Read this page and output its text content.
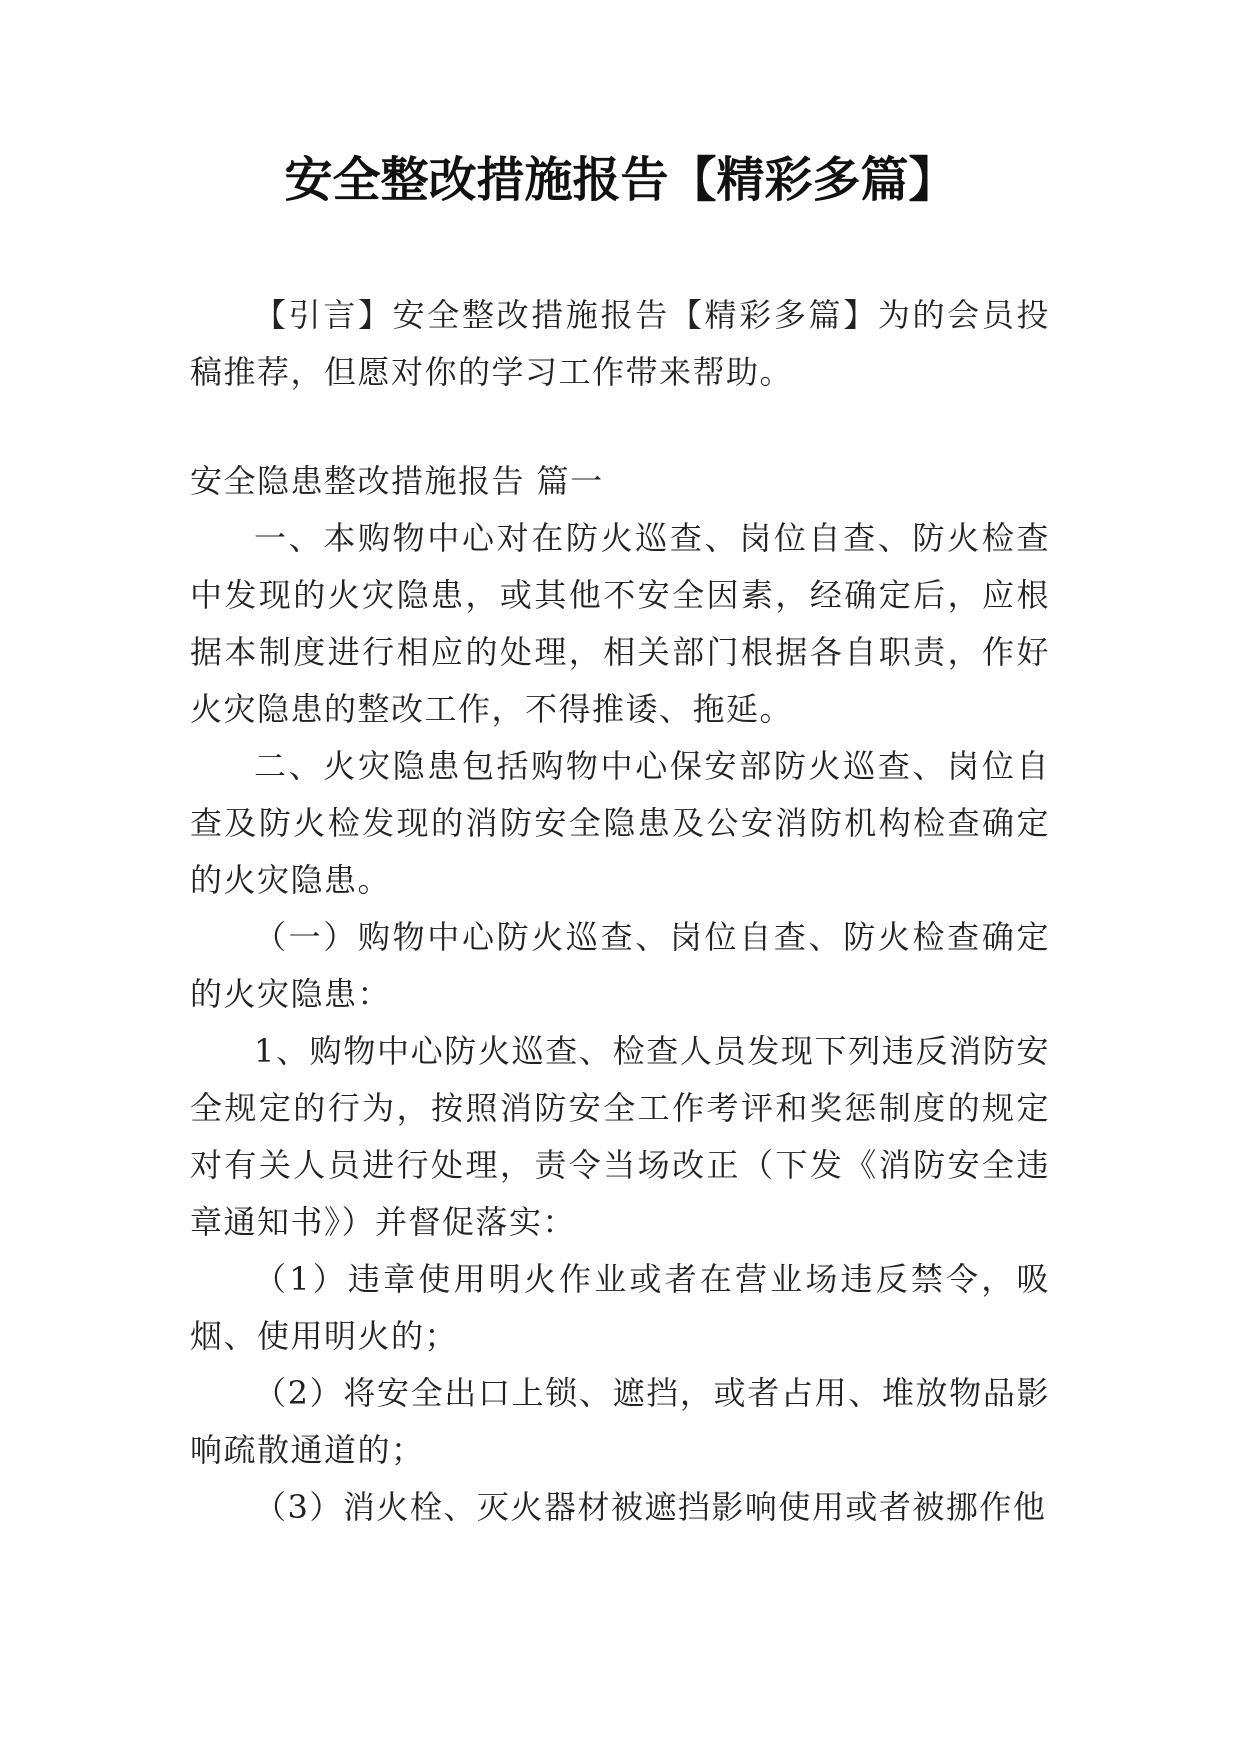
安全整改措施报告【精彩多篇】

【引言】安全整改措施报告【精彩多篇】为的会员投稿推荐，但愿对你的学习工作带来帮助。

安全隐患整改措施报告 篇一

一、本购物中心对在防火巡查、岗位自查、防火检查中发现的火灾隐患，或其他不安全因素，经确定后，应根据本制度进行相应的处理，相关部门根据各自职责，作好火灾隐患的整改工作，不得推诿、拖延。

二、火灾隐患包括购物中心保安部防火巡查、岗位自查及防火检发现的消防安全隐患及公安消防机构检查确定的火灾隐患。

（一）购物中心防火巡查、岗位自查、防火检查确定的火灾隐患：

1、购物中心防火巡查、检查人员发现下列违反消防安全规定的行为，按照消防安全工作考评和奖惩制度的规定对有关人员进行处理，责令当场改正（下发《消防安全违章通知书》）并督促落实：

（1）违章使用明火作业或者在营业场违反禁令，吸烟、使用明火的；

（2）将安全出口上锁、遮挡，或者占用、堆放物品影响疏散通道的；

（3）消火栓、灭火器材被遮挡影响使用或者被挪作他
